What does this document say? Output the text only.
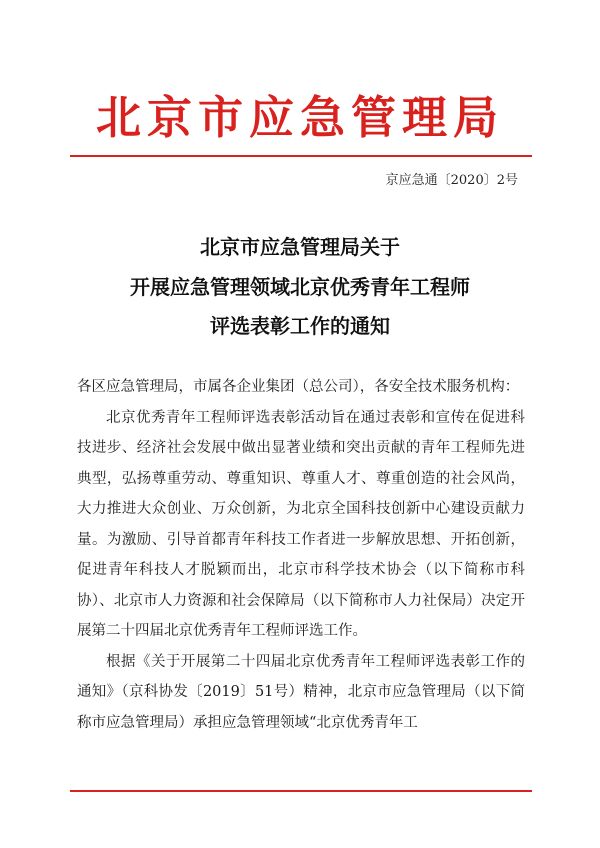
北京市应急管理局
京应急通〔2020〕2号
北京市应急管理局关于
开展应急管理领域北京优秀青年工程师
评选表彰工作的通知

各区应急管理局，市属各企业集团（总公司），各安全技术服务机构：

北京优秀青年工程师评选表彰活动旨在通过表彰和宣传在促进科技进步、经济社会发展中做出显著业绩和突出贡献的青年工程师先进典型，弘扬尊重劳动、尊重知识、尊重人才、尊重创造的社会风尚，大力推进大众创业、万众创新，为北京全国科技创新中心建设贡献力量。为激励、引导首都青年科技工作者进一步解放思想、开拓创新，促进青年科技人才脱颖而出，北京市科学技术协会（以下简称市科协）、北京市人力资源和社会保障局（以下简称市人力社保局）决定开展第二十四届北京优秀青年工程师评选工作。

根据《关于开展第二十四届北京优秀青年工程师评选表彰工作的通知》（京科协发〔2019〕51号）精神，北京市应急管理局（以下简称市应急管理局）承担应急管理领域“北京优秀青年工
